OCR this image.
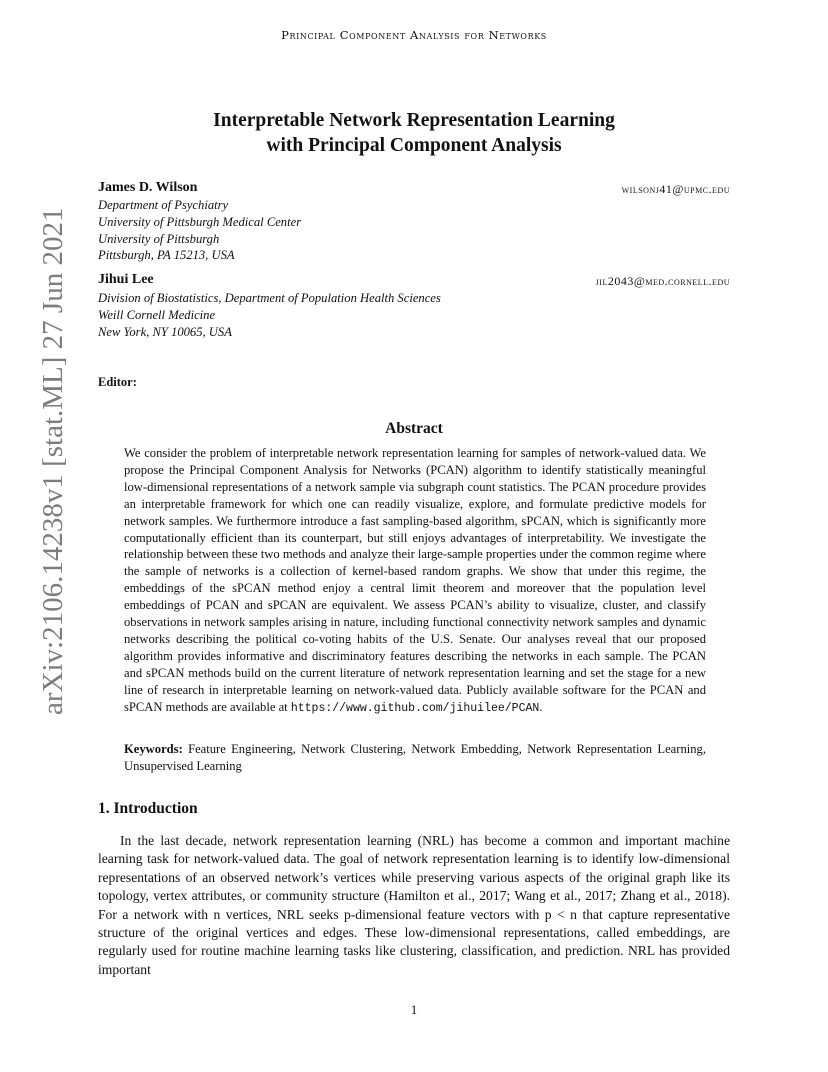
Principal Component Analysis for Networks
arXiv:2106.14238v1 [stat.ML] 27 Jun 2021
Interpretable Network Representation Learning
with Principal Component Analysis
James D. Wilson	wilsonj41@upmc.edu
Department of Psychiatry
University of Pittsburgh Medical Center
University of Pittsburgh
Pittsburgh, PA 15213, USA
Jihui Lee	jil2043@med.cornell.edu
Division of Biostatistics, Department of Population Health Sciences
Weill Cornell Medicine
New York, NY 10065, USA
Editor:
Abstract
We consider the problem of interpretable network representation learning for samples of network-valued data. We propose the Principal Component Analysis for Networks (PCAN) algorithm to identify statistically meaningful low-dimensional representations of a network sample via subgraph count statistics. The PCAN procedure provides an interpretable framework for which one can readily visualize, explore, and formulate predictive models for network samples. We furthermore introduce a fast sampling-based algorithm, sPCAN, which is significantly more computationally efficient than its counterpart, but still enjoys advantages of interpretability. We investigate the relationship between these two methods and analyze their large-sample properties under the common regime where the sample of networks is a collection of kernel-based random graphs. We show that under this regime, the embeddings of the sPCAN method enjoy a central limit theorem and moreover that the population level embeddings of PCAN and sPCAN are equivalent. We assess PCAN’s ability to visualize, cluster, and classify observations in network samples arising in nature, including functional connectivity network samples and dynamic networks describing the political co-voting habits of the U.S. Senate. Our analyses reveal that our proposed algorithm provides informative and discriminatory features describing the networks in each sample. The PCAN and sPCAN methods build on the current literature of network representation learning and set the stage for a new line of research in interpretable learning on network-valued data. Publicly available software for the PCAN and sPCAN methods are available at https://www.github.com/jihuilee/PCAN.
Keywords: Feature Engineering, Network Clustering, Network Embedding, Network Representation Learning, Unsupervised Learning
1. Introduction
In the last decade, network representation learning (NRL) has become a common and important machine learning task for network-valued data. The goal of network representation learning is to identify low-dimensional representations of an observed network’s vertices while preserving various aspects of the original graph like its topology, vertex attributes, or community structure (Hamilton et al., 2017; Wang et al., 2017; Zhang et al., 2018). For a network with n vertices, NRL seeks p-dimensional feature vectors with p < n that capture representative structure of the original vertices and edges. These low-dimensional representations, called embeddings, are regularly used for routine machine learning tasks like clustering, classification, and prediction. NRL has provided important
1
